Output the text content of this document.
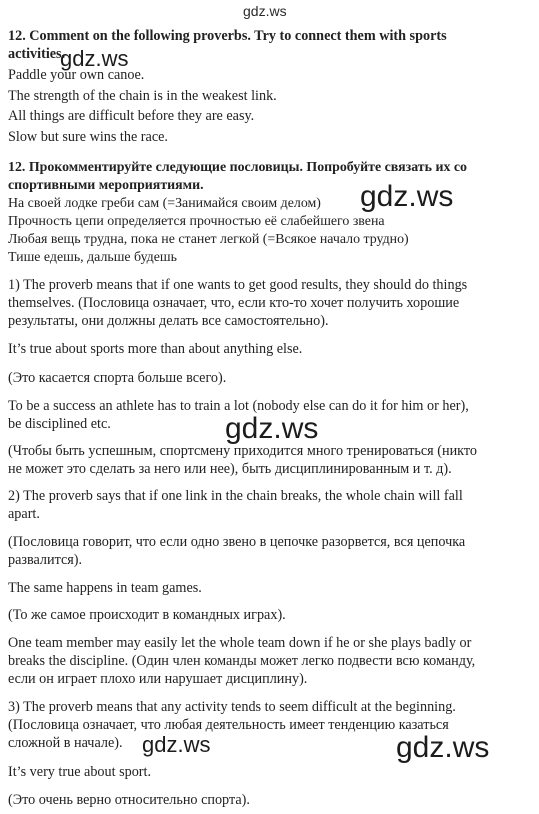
gdz.ws
gdz.ws
gdz.ws
gdz.ws
gdz.ws	gdz.ws
12. Comment on the following proverbs. Try to connect them with sports
activities.
Paddle your own canoe.
The strength of the chain is in the weakest link.
All things are difficult before they are easy.
Slow but sure wins the race.
12. Прокомментируйте следующие пословицы. Попробуйте связать их со
спортивными мероприятиями.
На своей лодке греби сам (=Занимайся своим делом)
Прочность цепи определяется прочностью её слабейшего звена
Любая вещь трудна, пока не станет легкой (=Всякое начало трудно)
Тише едешь, дальше будешь
1) The proverb means that if one wants to get good results, they should do things
themselves. (Пословица означает, что, если кто-то хочет получить хорошие
результаты, они должны делать все самостоятельно).
It’s true about sports more than about anything else.
(Это касается спорта больше всего).
To be a success an athlete has to train a lot (nobody else can do it for him or her),
be disciplined etc.
(Чтобы быть успешным, спортсмену приходится много тренироваться (никто
не может это сделать за него или нее), быть дисциплинированным и т. д).
2) The proverb says that if one link in the chain breaks, the whole chain will fall
apart.
(Пословица говорит, что если одно звено в цепочке разорвется, вся цепочка
развалится).
The same happens in team games.
(То же самое происходит в командных играх).
One team member may easily let the whole team down if he or she plays badly or
breaks the discipline. (Один член команды может легко подвести всю команду,
если он играет плохо или нарушает дисциплину).
3) The proverb means that any activity tends to seem difficult at the beginning.
(Пословица означает, что любая деятельность имеет тенденцию казаться
сложной в начале).
It’s very true about sport.
(Это очень верно относительно спорта).
